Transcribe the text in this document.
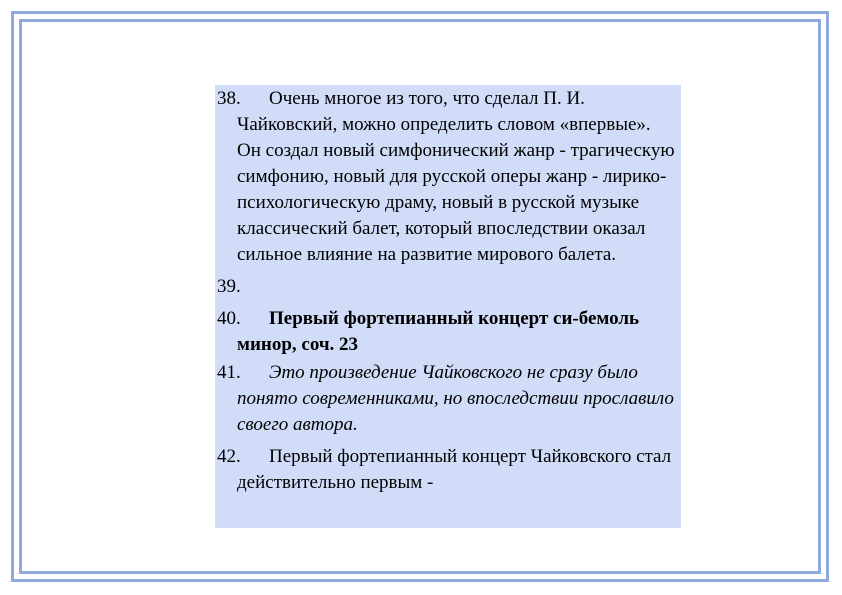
38. Очень многое из того, что сделал П. И. Чайковский, можно определить словом «впервые». Он создал новый симфонический жанр - трагическую симфонию, новый для русской оперы жанр - лирико-психологическую драму, новый в русской музыке классический балет, который впоследствии оказал сильное влияние на развитие мирового балета.
39.
40. Первый фортепианный концерт си-бемоль минор, соч. 23
41. Это произведение Чайковского не сразу было понято современниками, но впоследствии прославило своего автора.
42. Первый фортепианный концерт Чайковского стал действительно первым -
